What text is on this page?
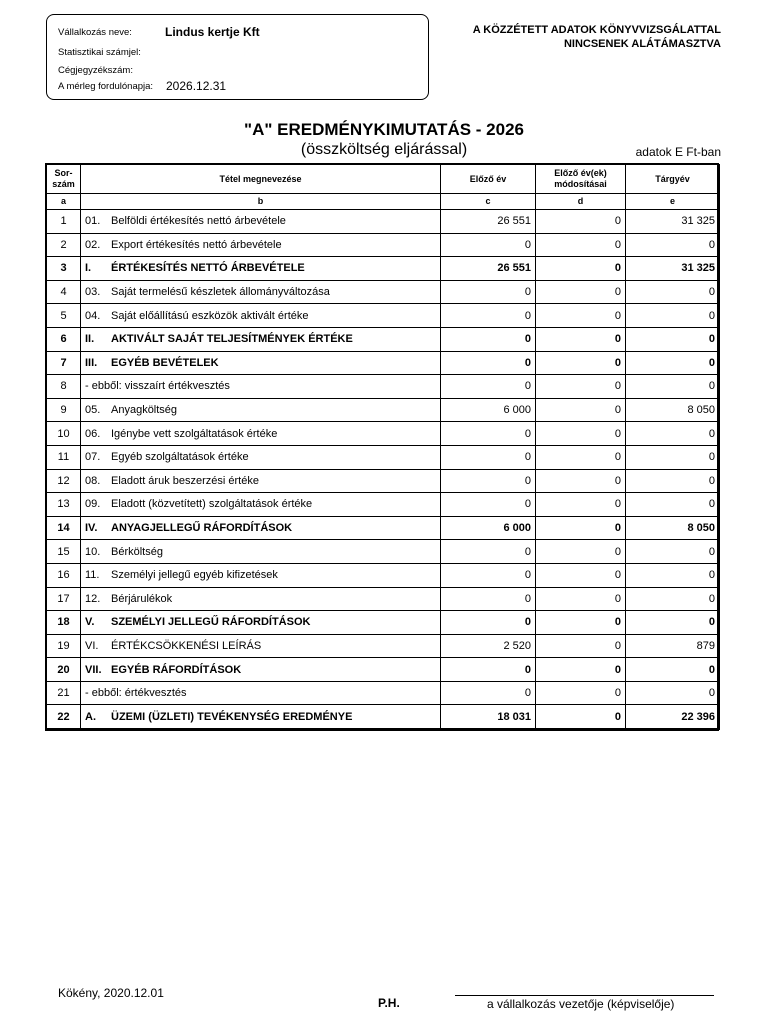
Vállalkozás neve:	Lindus kertje Kft
Statisztikai számjel:
Cégjegyzékszám:
A mérleg fordulónapja: 2026.12.31
A KÖZZÉTETT ADATOK KÖNYVVIZSGÁLATTAL
NINCSENEK ALÁTÁMASZTVA
"A" EREDMÉNYKIMUTATÁS - 2026
(összköltség eljárással)	adatok E Ft-ban
Sor-szám	Tétel megnevezése	Előző év	Előző év(ek) módosításai	Tárgyév
a	b	c	d	e
1	01. Belföldi értékesítés nettó árbevétele	26 551	0	31 325
2	02. Export értékesítés nettó árbevétele	0	0	0
3	I. ÉRTÉKESÍTÉS NETTÓ ÁRBEVÉTELE	26 551	0	31 325
4	03. Saját termelésű készletek állományváltozása	0	0	0
5	04. Saját előállítású eszközök aktivált értéke	0	0	0
6	II. AKTIVÁLT SAJÁT TELJESÍTMÉNYEK ÉRTÉKE	0	0	0
7	III. EGYÉB BEVÉTELEK	0	0	0
8	- ebből: visszaírt értékvesztés	0	0	0
9	05. Anyagköltség	6 000	0	8 050
10	06. Igénybe vett szolgáltatások értéke	0	0	0
11	07. Egyéb szolgáltatások értéke	0	0	0
12	08. Eladott áruk beszerzési értéke	0	0	0
13	09. Eladott (közvetített) szolgáltatások értéke	0	0	0
14	IV. ANYAGJELLEGŰ RÁFORDÍTÁSOK	6 000	0	8 050
15	10. Bérköltség	0	0	0
16	11. Személyi jellegű egyéb kifizetések	0	0	0
17	12. Bérjárulékok	0	0	0
18	V. SZEMÉLYI JELLEGŰ RÁFORDÍTÁSOK	0	0	0
19	VI. ÉRTÉKCSÖKKENÉSI LEÍRÁS	2 520	0	879
20	VII. EGYÉB RÁFORDÍTÁSOK	0	0	0
21	- ebből: értékvesztés	0	0	0
22	A. ÜZEMI (ÜZLETI) TEVÉKENYSÉG EREDMÉNYE	18 031	0	22 396
Kökény, 2020.12.01
P.H.	a vállalkozás vezetője (képviselője)
